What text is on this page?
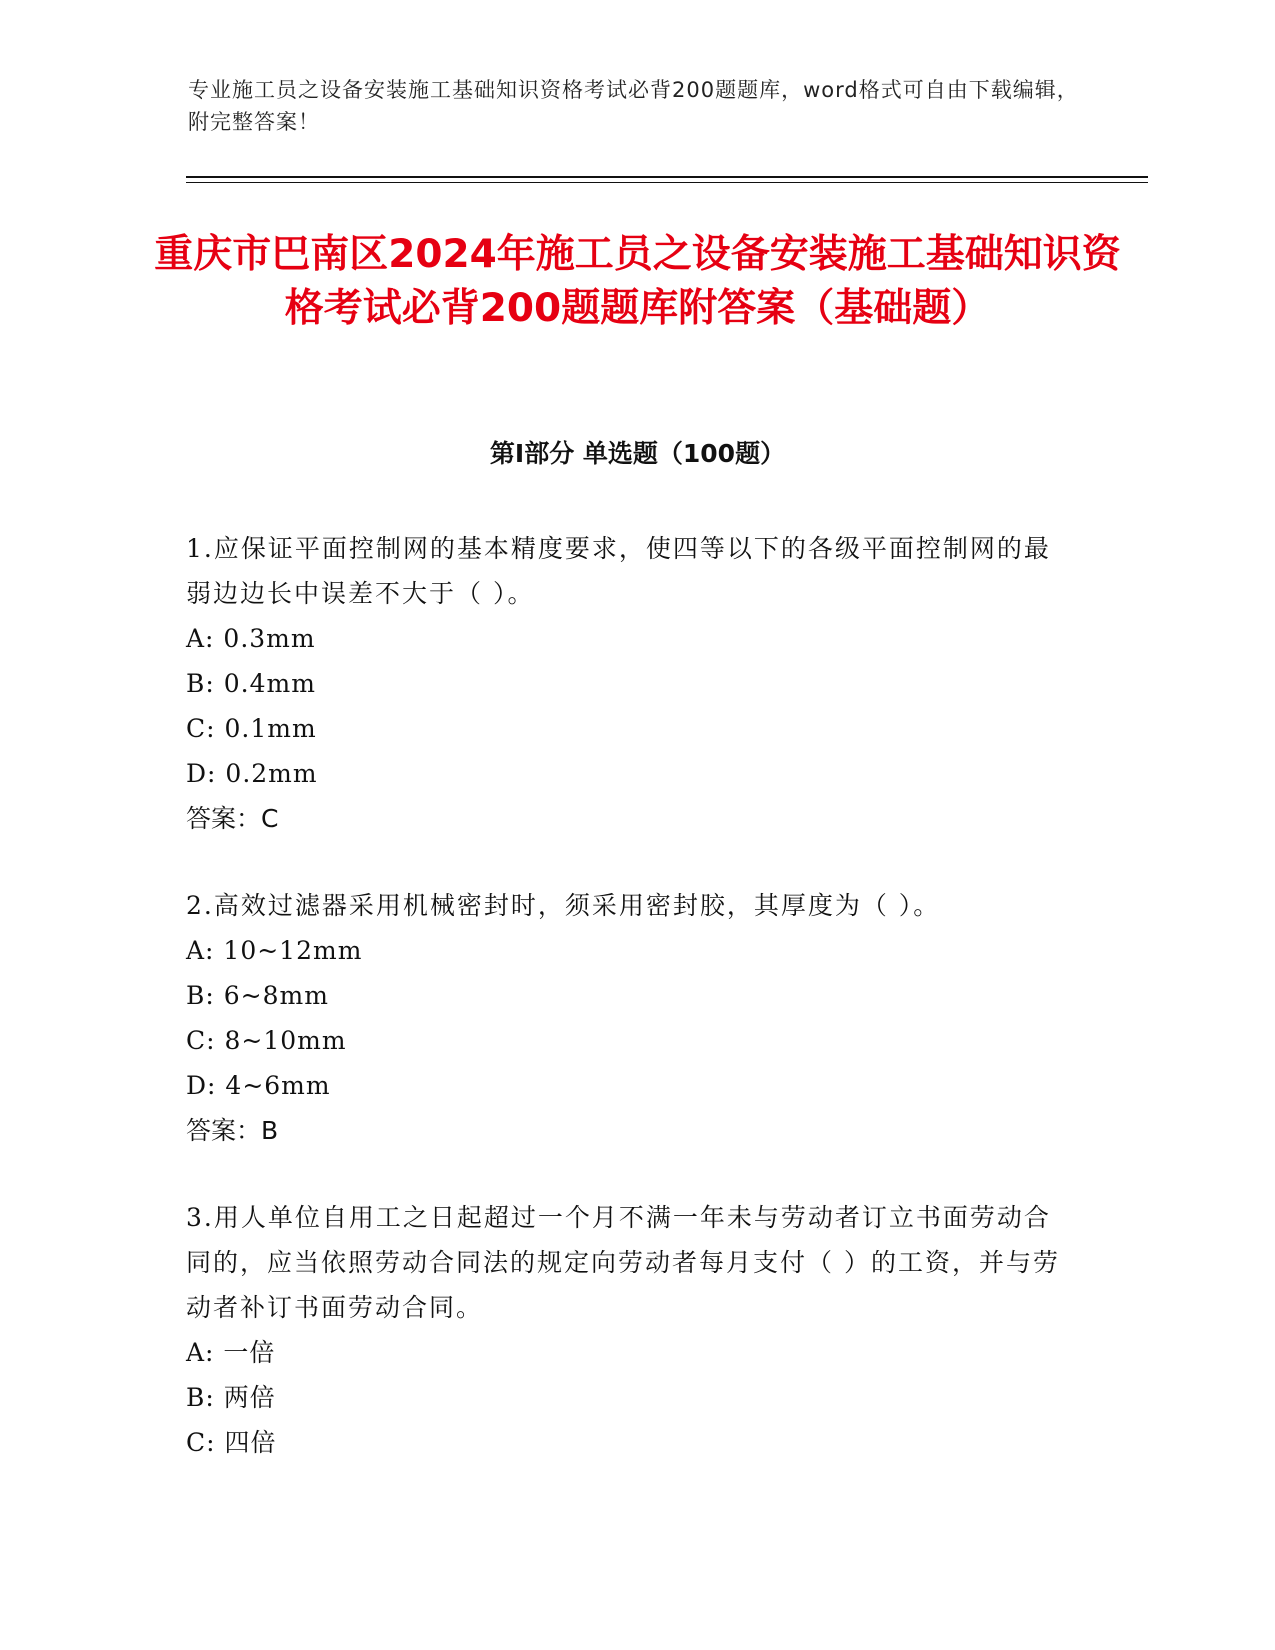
专业施工员之设备安装施工基础知识资格考试必背200题题库，word格式可自由下载编辑，附完整答案！
重庆市巴南区2024年施工员之设备安装施工基础知识资格考试必背200题题库附答案（基础题）
第I部分 单选题（100题）

1.应保证平面控制网的基本精度要求，使四等以下的各级平面控制网的最弱边边长中误差不大于（ ）。

A: 0.3mm

B: 0.4mm

C: 0.1mm

D: 0.2mm

答案：C

2.高效过滤器采用机械密封时，须采用密封胶，其厚度为（ ）。

A: 10~12mm

B: 6~8mm

C: 8~10mm

D: 4~6mm

答案：B

3.用人单位自用工之日起超过一个月不满一年未与劳动者订立书面劳动合同的，应当依照劳动合同法的规定向劳动者每月支付（ ）的工资，并与劳动者补订书面劳动合同。

A: 一倍

B: 两倍

C: 四倍
